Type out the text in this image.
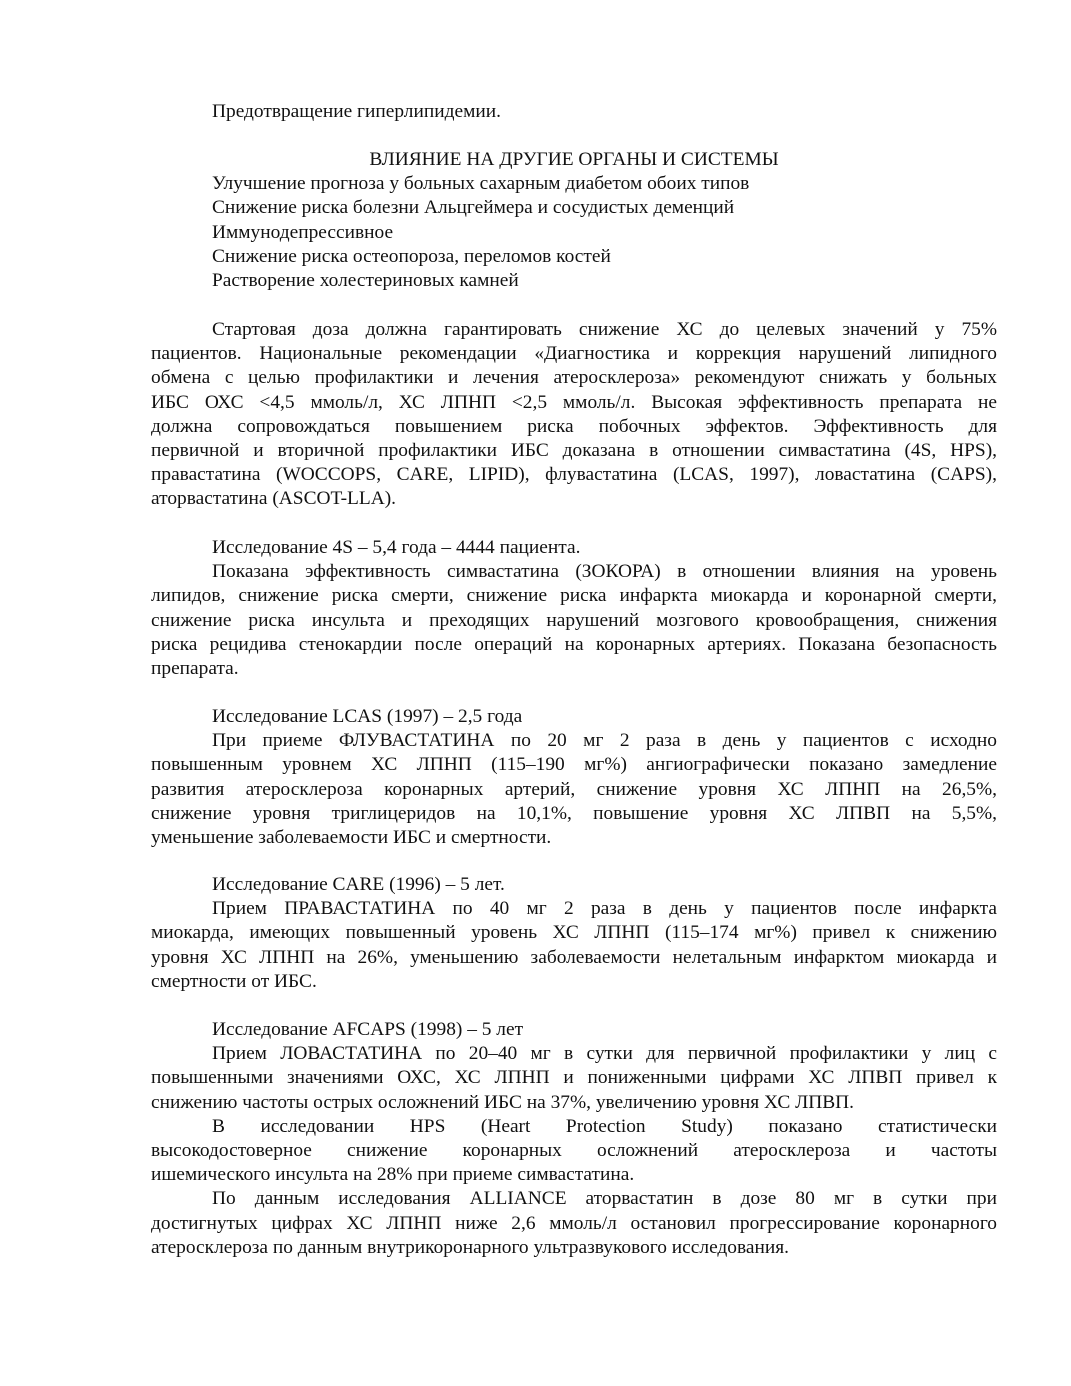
Предотвращение гиперлипидемии.
ВЛИЯНИЕ НА ДРУГИЕ ОРГАНЫ И СИСТЕМЫ
Улучшение прогноза у больных сахарным диабетом обоих типов
Снижение риска болезни Альцгеймера и сосудистых деменций
Иммунодепрессивное
Снижение риска остеопороза, переломов костей
Растворение холестериновых камней
Стартовая доза должна гарантировать снижение ХС до целевых значений у 75%
пациентов. Национальные рекомендации «Диагностика и коррекция нарушений липидного
обмена с целью профилактики и лечения атеросклероза» рекомендуют снижать у больных
ИБС ОХС <4,5 ммоль/л, ХС ЛПНП <2,5 ммоль/л. Высокая эффективность препарата не
должна сопровождаться повышением риска побочных эффектов. Эффективность для
первичной и вторичной профилактики ИБС доказана в отношении симвастатина (4S, HPS),
правастатина (WOCCOPS, CARE, LIPID), флувастатина (LCAS, 1997), ловастатина (CAPS),
аторвастатина (ASCOT-LLA).
Исследование 4S – 5,4 года – 4444 пациента.
Показана эффективность симвастатина (ЗОКОРА) в отношении влияния на уровень
липидов, снижение риска смерти, снижение риска инфаркта миокарда и коронарной смерти,
снижение риска инсульта и преходящих нарушений мозгового кровообращения, снижения
риска рецидива стенокардии после операций на коронарных артериях. Показана безопасность
препарата.
Исследование LCAS (1997) – 2,5 года
При приеме ФЛУВАСТАТИНА по 20 мг 2 раза в день у пациентов с исходно
повышенным уровнем ХС ЛПНП (115–190 мг%) ангиографически показано замедление
развития атеросклероза коронарных артерий, снижение уровня ХС ЛПНП на 26,5%,
снижение уровня триглицеридов на 10,1%, повышение уровня ХС ЛПВП на 5,5%,
уменьшение заболеваемости ИБС и смертности.
Исследование CARE (1996) – 5 лет.
Прием ПРАВАСТАТИНА по 40 мг 2 раза в день у пациентов после инфаркта
миокарда, имеющих повышенный уровень ХС ЛПНП (115–174 мг%) привел к снижению
уровня ХС ЛПНП на 26%, уменьшению заболеваемости нелетальным инфарктом миокарда и
смертности от ИБС.
Исследование AFCAPS (1998) – 5 лет
Прием ЛОВАСТАТИНА по 20–40 мг в сутки для первичной профилактики у лиц с
повышенными значениями ОХС, ХС ЛПНП и пониженными цифрами ХС ЛПВП привел к
снижению частоты острых осложнений ИБС на 37%, увеличению уровня ХС ЛПВП.
В исследовании HPS (Heart Protection Study) показано статистически
высокодостоверное снижение коронарных осложнений атеросклероза и частоты
ишемического инсульта на 28% при приеме симвастатина.
По данным исследования ALLIANCE аторвастатин в дозе 80 мг в сутки при
достигнутых цифрах ХС ЛПНП ниже 2,6 ммоль/л остановил прогрессирование коронарного
атеросклероза по данным внутрикоронарного ультразвукового исследования.
